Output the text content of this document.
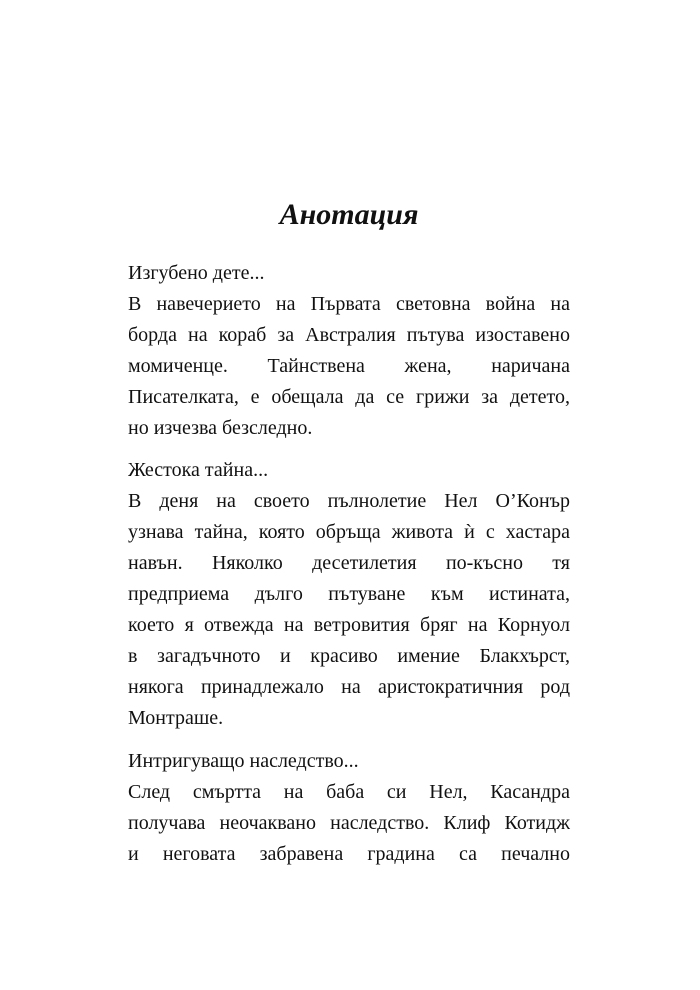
Анотация
Изгубено дете...
В навечерието на Първата световна война на
борда на кораб за Австралия пътува изоставено
момиченце. Тайнствена жена, наричана
Писателката, е обещала да се грижи за детето,
но изчезва безследно.
Жестока тайна...
В деня на своето пълнолетие Нел О’Конър
узнава тайна, която обръща живота ѝ с хастара
навън. Няколко десетилетия по-късно тя
предприема дълго пътуване към истината,
което я отвежда на ветровития бряг на Корнуол
в загадъчното и красиво имение Блакхърст,
някога принадлежало на аристократичния род
Монтраше.
Интригуващо наследство...
След смъртта на баба си Нел, Касандра
получава неочаквано наследство. Клиф Котидж
и неговата забравена градина са печално
